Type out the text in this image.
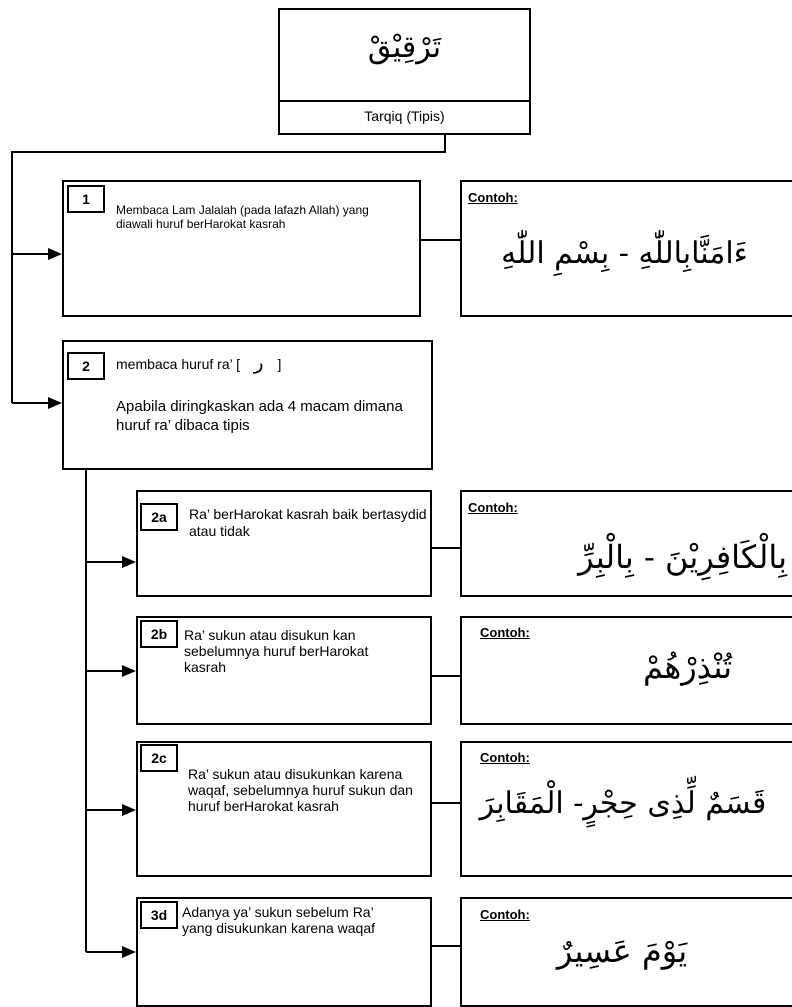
تَرْقِيْقْ
Tarqiq (Tipis)
1
Membaca Lam Jalalah (pada lafazh Allah) yang diawali huruf berHarokat kasrah
Contoh:
ءَامَنَّابِاللّٰهِ - بِسْمِ اللّٰهِ
2	membaca huruf ra’ [ ر ]
Apabila diringkaskan ada 4 macam dimana huruf ra’ dibaca tipis
2a	Ra’ berHarokat kasrah baik bertasydid atau tidak
Contoh:
بِالْكَافِرِيْنَ - بِالْبِرِّ
2b	Ra’ sukun atau disukun kan sebelumnya huruf berHarokat kasrah
Contoh:
تُنْذِرْهُمْ
2c
Ra’ sukun atau disukunkan karena waqaf, sebelumnya huruf sukun dan huruf berHarokat kasrah
Contoh:
قَسَمٌ لِّذِى حِجْرٍ- الْمَقَابِرَ
3d	Adanya ya’ sukun sebelum Ra’ yang disukunkan karena waqaf
Contoh:
يَوْمَ عَسِيرٌ
